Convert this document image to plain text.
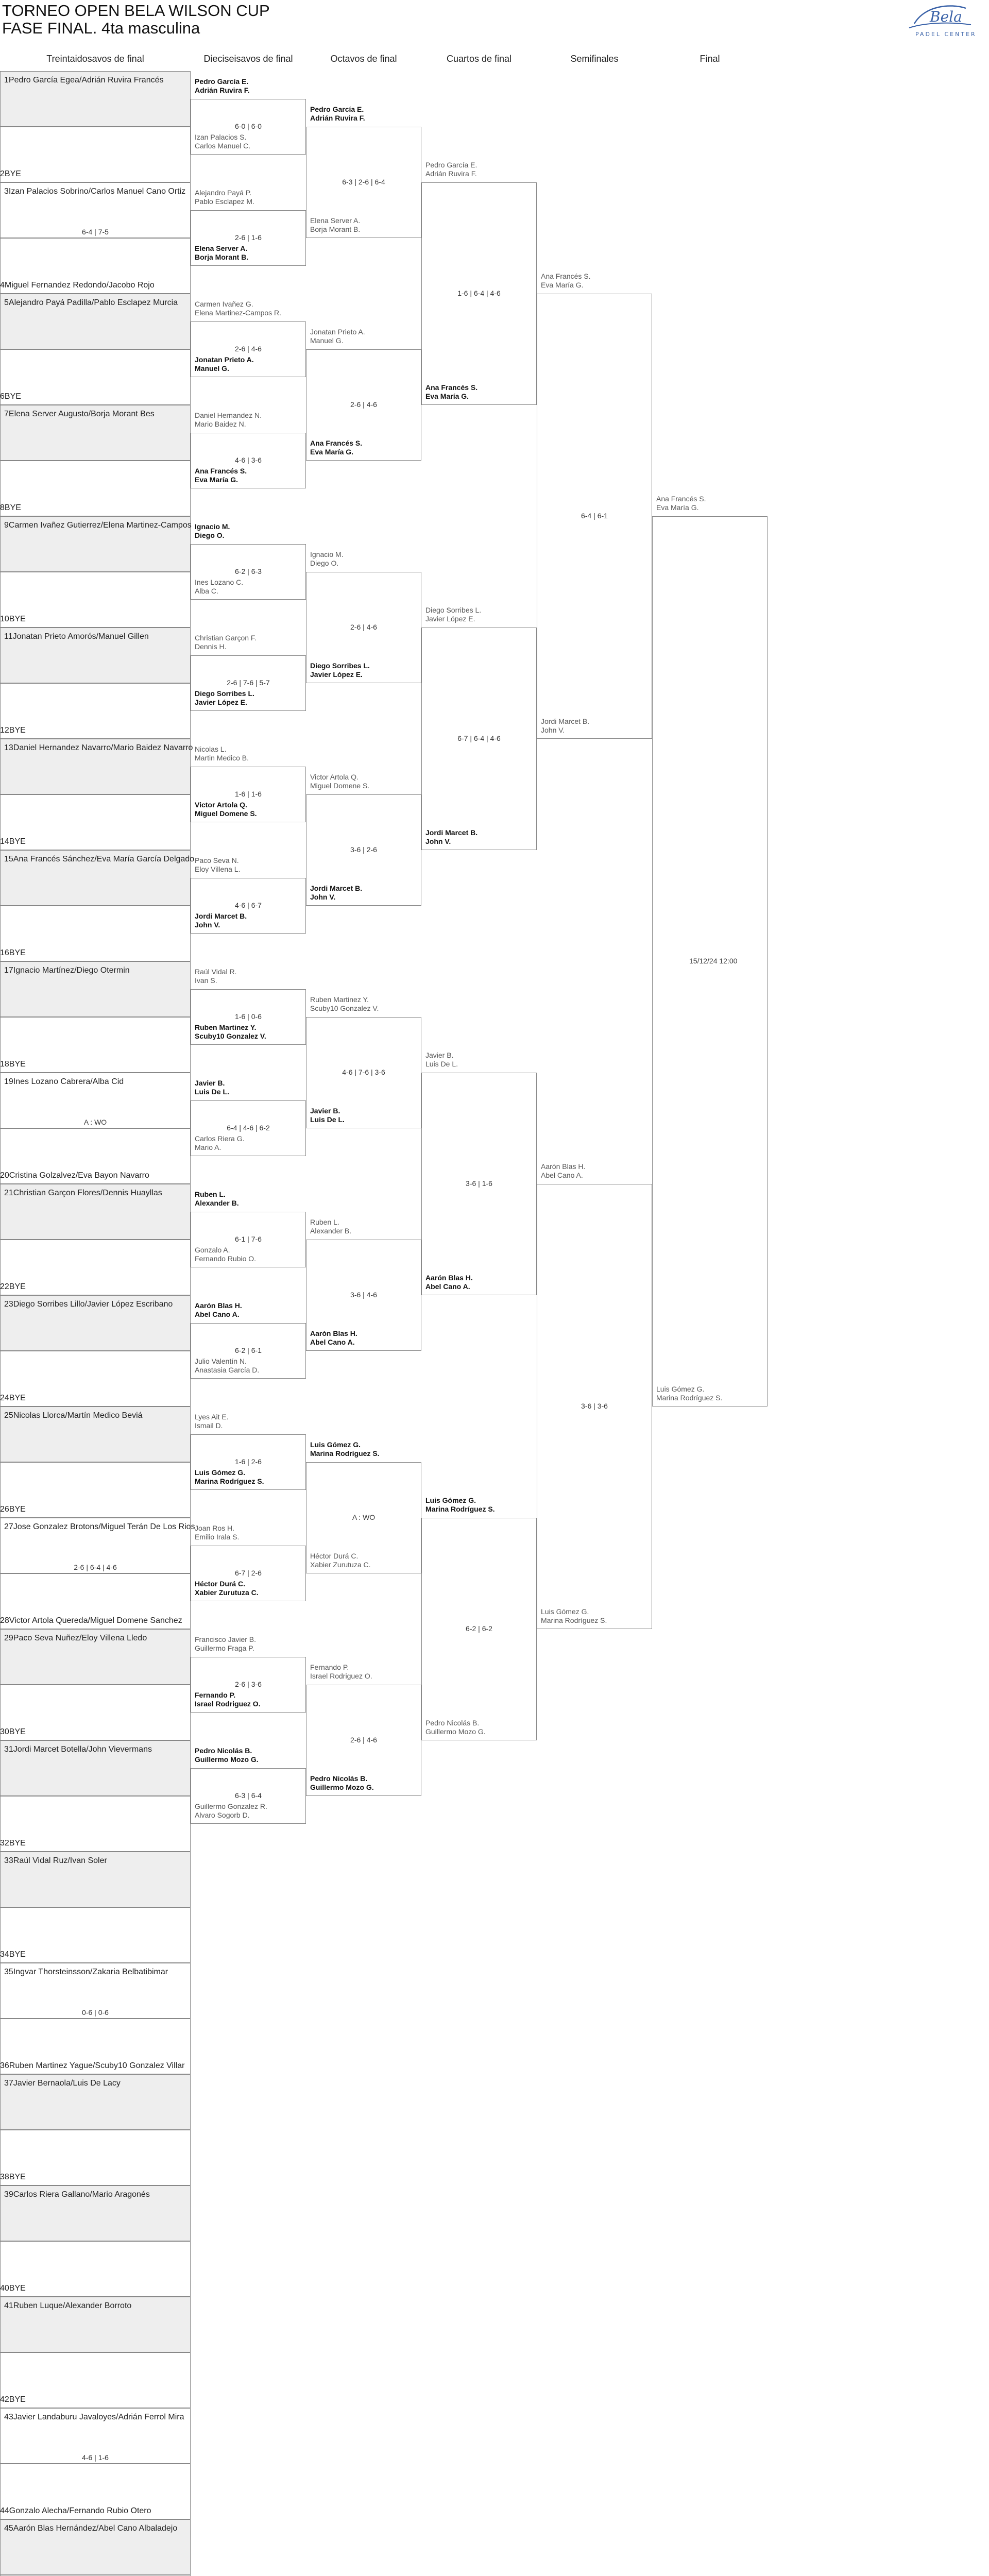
TORNEO OPEN BELA WILSON CUP
FASE FINAL. 4ta masculina
Bela
PADEL CENTER
Treintaidosavos de final	Dieciseisavos de final	Octavos de final	Cuartos de final	Semifinales	Final
1Pedro García Egea/Adrián Ruvira Francés
2BYE
3Izan Palacios Sobrino/Carlos Manuel Cano Ortiz
4Miguel Fernandez Redondo/Jacobo Rojo
6-4 | 7-5
5Alejandro Payá Padilla/Pablo Esclapez Murcia
6BYE
7Elena Server Augusto/Borja Morant Bes
8BYE
9Carmen Ivañez Gutierrez/Elena Martinez-Campos
10BYE
11Jonatan Prieto Amorós/Manuel Gillen
12BYE
13Daniel Hernandez Navarro/Mario Baidez Navarro
14BYE
15Ana Francés Sánchez/Eva María García Delgado
16BYE
17Ignacio Martínez/Diego Otermin
18BYE
19Ines Lozano Cabrera/Alba Cid
20Cristina Golzalvez/Eva Bayon Navarro
A : WO
21Christian Garçon Flores/Dennis Huayllas
22BYE
23Diego Sorribes Lillo/Javier López Escribano
24BYE
25Nicolas Llorca/Martín Medico Beviá
26BYE
27Jose Gonzalez Brotons/Miguel Terán De Los Rios
28Victor Artola Quereda/Miguel Domene Sanchez
2-6 | 6-4 | 4-6
29Paco Seva Nuñez/Eloy Villena Lledo
30BYE
31Jordi Marcet Botella/John Vievermans
32BYE
33Raúl Vidal Ruz/Ivan Soler
34BYE
35Ingvar Thorsteinsson/Zakaria Belbatibimar
36Ruben Martinez Yague/Scuby10 Gonzalez Villar
0-6 | 0-6
37Javier Bernaola/Luis De Lacy
38BYE
39Carlos Riera Gallano/Mario Aragonés
40BYE
41Ruben Luque/Alexander Borroto
42BYE
43Javier Landaburu Javaloyes/Adrián Ferrol Mira
44Gonzalo Alecha/Fernando Rubio Otero
4-6 | 1-6
45Aarón Blas Hernández/Abel Cano Albaladejo
Pedro García E.
Adrián Ruvira F.
Izan Palacios S.
Carlos Manuel C.
6-0 | 6-0
Alejandro Payá P.
Pablo Esclapez M.
Elena Server A.
Borja Morant B.
2-6 | 1-6
Carmen Ivañez G.
Elena Martinez-Campos R.
Jonatan Prieto A.
Manuel G.
2-6 | 4-6
Daniel Hernandez N.
Mario Baidez N.
Ana Francés S.
Eva María G.
4-6 | 3-6
Ignacio M.
Diego O.
Ines Lozano C.
Alba C.
6-2 | 6-3
Christian Garçon F.
Dennis H.
Diego Sorribes L.
Javier López E.
2-6 | 7-6 | 5-7
Nicolas L.
Martin Medico B.
Victor Artola Q.
Miguel Domene S.
1-6 | 1-6
Paco Seva N.
Eloy Villena L.
Jordi Marcet B.
John V.
4-6 | 6-7
Raúl Vidal R.
Ivan S.
Ruben Martinez Y.
Scuby10 Gonzalez V.
1-6 | 0-6
Javier B.
Luis De L.
Carlos Riera G.
Mario A.
6-4 | 4-6 | 6-2
Ruben L.
Alexander B.
Gonzalo A.
Fernando Rubio O.
6-1 | 7-6
Aarón Blas H.
Abel Cano A.
Julio Valentín N.
Anastasia García D.
6-2 | 6-1
Lyes Ait E.
Ismail D.
Luis Gómez G.
Marina Rodríguez S.
1-6 | 2-6
Joan Ros H.
Emilio Irala S.
Héctor Durá C.
Xabier Zurutuza C.
6-7 | 2-6
Francisco Javier B.
Guillermo Fraga P.
Fernando P.
Israel Rodriguez O.
2-6 | 3-6
Pedro Nicolás B.
Guillermo Mozo G.
Guillermo Gonzalez R.
Alvaro Sogorb D.
6-3 | 6-4
Pedro García E.
Adrián Ruvira F.
Elena Server A.
Borja Morant B.
6-3 | 2-6 | 6-4
Jonatan Prieto A.
Manuel G.
Ana Francés S.
Eva María G.
2-6 | 4-6
Ignacio M.
Diego O.
Diego Sorribes L.
Javier López E.
2-6 | 4-6
Victor Artola Q.
Miguel Domene S.
Jordi Marcet B.
John V.
3-6 | 2-6
Ruben Martinez Y.
Scuby10 Gonzalez V.
Javier B.
Luis De L.
4-6 | 7-6 | 3-6
Ruben L.
Alexander B.
Aarón Blas H.
Abel Cano A.
3-6 | 4-6
Luis Gómez G.
Marina Rodríguez S.
Héctor Durá C.
Xabier Zurutuza C.
A : WO
Fernando P.
Israel Rodriguez O.
Pedro Nicolás B.
Guillermo Mozo G.
2-6 | 4-6
Pedro García E.
Adrián Ruvira F.
Ana Francés S.
Eva María G.
1-6 | 6-4 | 4-6
Diego Sorribes L.
Javier López E.
Jordi Marcet B.
John V.
6-7 | 6-4 | 4-6
Javier B.
Luis De L.
Aarón Blas H.
Abel Cano A.
3-6 | 1-6
Luis Gómez G.
Marina Rodríguez S.
Pedro Nicolás B.
Guillermo Mozo G.
6-2 | 6-2
Ana Francés S.
Eva María G.
Jordi Marcet B.
John V.
6-4 | 6-1
Aarón Blas H.
Abel Cano A.
Luis Gómez G.
Marina Rodríguez S.
3-6 | 3-6
Ana Francés S.
Eva María G.
Luis Gómez G.
Marina Rodríguez S.
15/12/24 12:00
